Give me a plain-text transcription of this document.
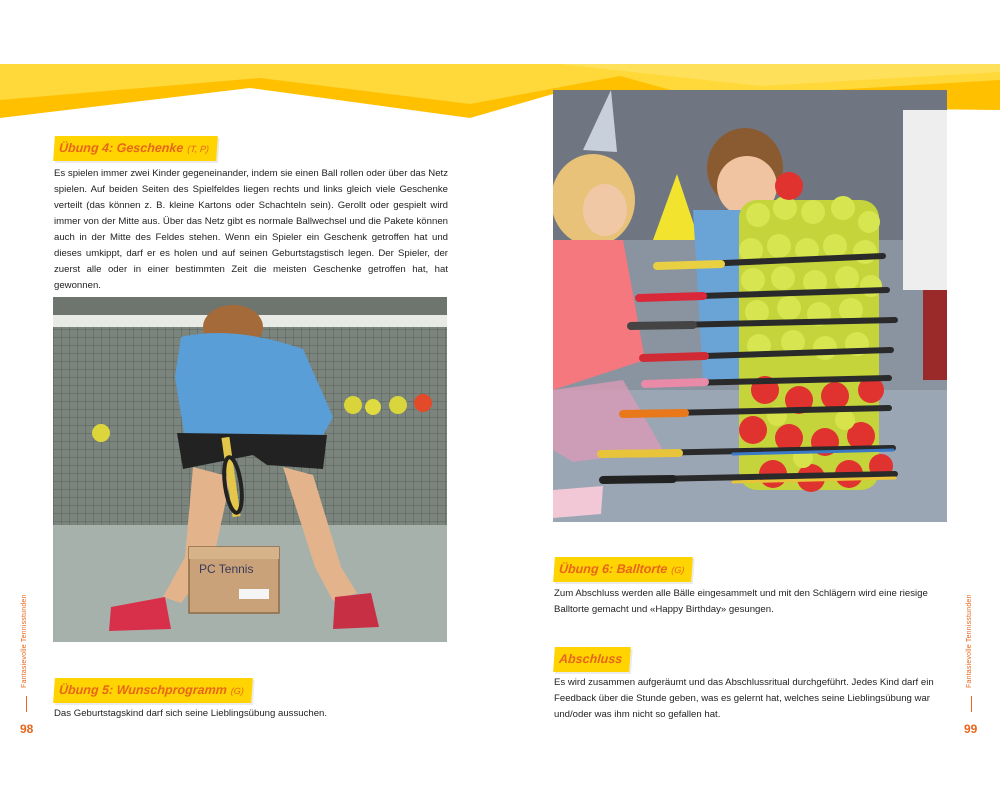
Übung 4: Geschenke (T, P)
Es spielen immer zwei Kinder gegeneinander, indem sie einen Ball rollen oder über das Netz spielen. Auf beiden Seiten des Spielfeldes liegen rechts und links gleich viele Geschenke verteilt (das können z. B. kleine Kartons oder Schachteln sein). Gerollt oder gespielt wird immer von der Mitte aus. Über das Netz gibt es normale Ballwechsel und die Pakete können auch in der Mitte des Feldes stehen. Wenn ein Spieler ein Geschenk getroffen hat und dieses umkippt, darf er es holen und auf seinen Geburtstagstisch legen. Der Spieler, der zuerst alle oder in einer bestimmten Zeit die meisten Geschenke getroffen hat, hat gewonnen.
PC Tennis
Übung 5: Wunschprogramm (G)
Das Geburtstagskind darf sich seine Lieblingsübung aussuchen.
Fantasievolle Tennisstunden
98
Übung 6: Balltorte (G)
Zum Abschluss werden alle Bälle eingesammelt und mit den Schlägern wird eine riesige Balltorte gemacht und «Happy Birthday» gesungen.
Abschluss
Es wird zusammen aufgeräumt und das Abschlussritual durchgeführt. Jedes Kind darf ein Feedback über die Stunde geben, was es gelernt hat, welches seine Lieblingsübung war und/oder was ihm nicht so gefallen hat.
Fantasievolle Tennisstunden
99
